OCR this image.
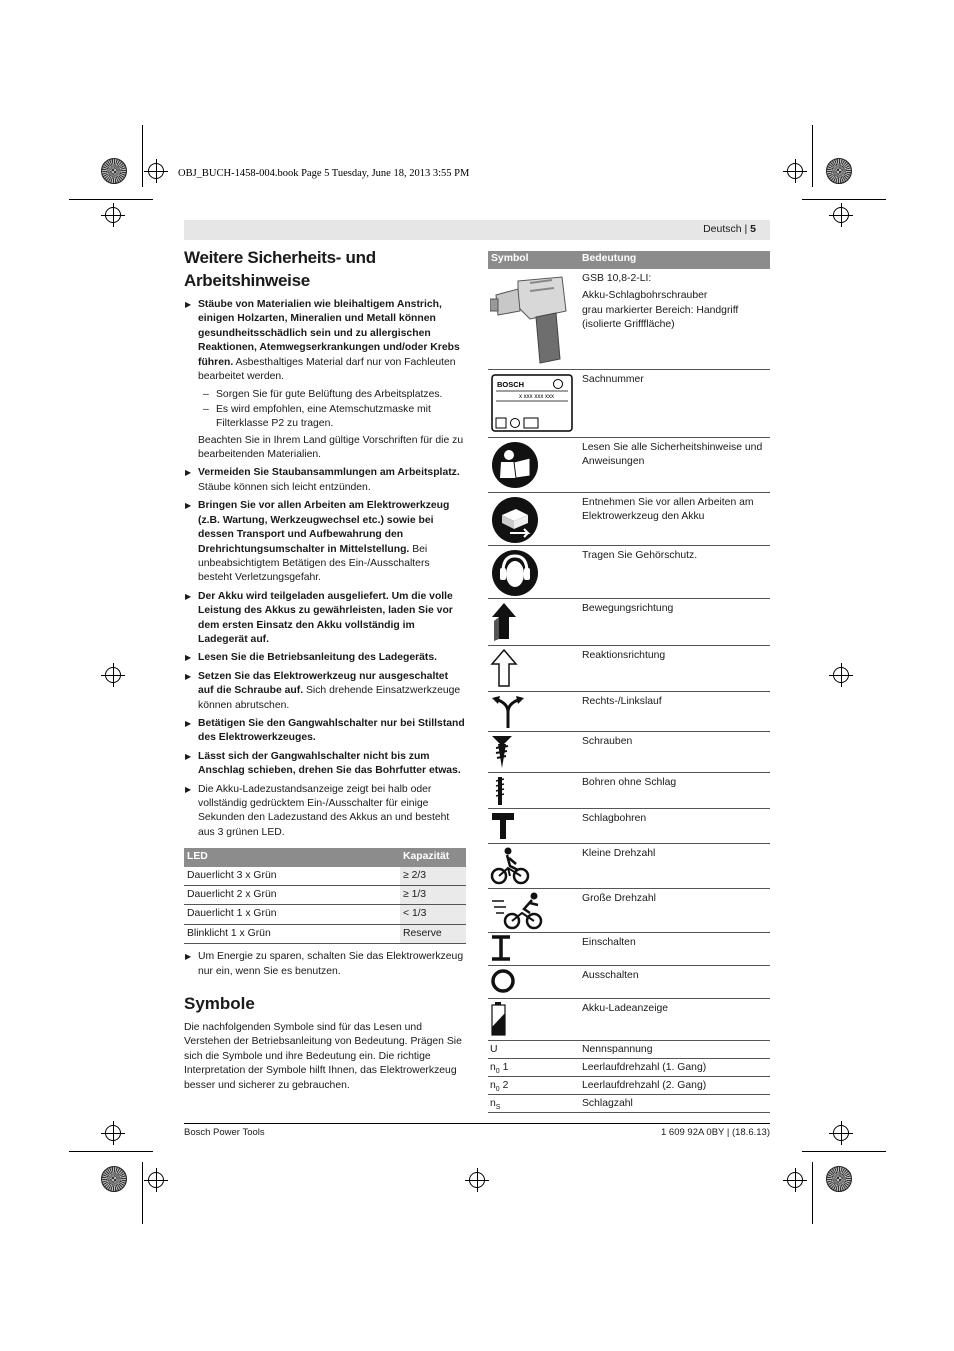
OBJ_BUCH-1458-004.book Page 5 Tuesday, June 18, 2013 3:55 PM
Deutsch | 5
Weitere Sicherheits- und Arbeitshinweise
▶ Stäube von Materialien wie bleihaltigem Anstrich, einigen Holzarten, Mineralien und Metall können gesundheitsschädlich sein und zu allergischen Reaktionen, Atemwegserkrankungen und/oder Krebs führen. Asbesthaltiges Material darf nur von Fachleuten bearbeitet werden.
– Sorgen Sie für gute Belüftung des Arbeitsplatzes.
– Es wird empfohlen, eine Atemschutzmaske mit Filterklasse P2 zu tragen.
Beachten Sie in Ihrem Land gültige Vorschriften für die zu bearbeitenden Materialien.
▶ Vermeiden Sie Staubansammlungen am Arbeitsplatz. Stäube können sich leicht entzünden.
▶ Bringen Sie vor allen Arbeiten am Elektrowerkzeug (z.B. Wartung, Werkzeugwechsel etc.) sowie bei dessen Transport und Aufbewahrung den Drehrichtungsumschalter in Mittelstellung. Bei unbeabsichtigtem Betätigen des Ein-/Ausschalters besteht Verletzungsgefahr.
▶ Der Akku wird teilgeladen ausgeliefert. Um die volle Leistung des Akkus zu gewährleisten, laden Sie vor dem ersten Einsatz den Akku vollständig im Ladegerät auf.
▶ Lesen Sie die Betriebsanleitung des Ladegeräts.
▶ Setzen Sie das Elektrowerkzeug nur ausgeschaltet auf die Schraube auf. Sich drehende Einsatzwerkzeuge können abrutschen.
▶ Betätigen Sie den Gangwahlschalter nur bei Stillstand des Elektrowerkzeuges.
▶ Lässt sich der Gangwahlschalter nicht bis zum Anschlag schieben, drehen Sie das Bohrfutter etwas.
▶ Die Akku-Ladezustandsanzeige zeigt bei halb oder vollständig gedrücktem Ein-/Ausschalter für einige Sekunden den Ladezustand des Akkus an und besteht aus 3 grünen LED.
LED	Kapazität
Dauerlicht 3 x Grün	≥ 2/3
Dauerlicht 2 x Grün	≥ 1/3
Dauerlicht 1 x Grün	< 1/3
Blinklicht 1 x Grün	Reserve
▶ Um Energie zu sparen, schalten Sie das Elektrowerkzeug nur ein, wenn Sie es benutzen.
Symbole
Die nachfolgenden Symbole sind für das Lesen und Verstehen der Betriebsanleitung von Bedeutung. Prägen Sie sich die Symbole und ihre Bedeutung ein. Die richtige Interpretation der Symbole hilft Ihnen, das Elektrowerkzeug besser und sicherer zu gebrauchen.
Symbol	Bedeutung
GSB 10,8-2-LI:
Akku-Schlagbohrschrauber
grau markierter Bereich: Handgriff (isolierte Grifffläche)
BOSCH
x xxx xxx xxx
Sachnummer
Lesen Sie alle Sicherheitshinweise und Anweisungen
Entnehmen Sie vor allen Arbeiten am Elektrowerkzeug den Akku
Tragen Sie Gehörschutz.
Bewegungsrichtung
Reaktionsrichtung
Rechts-/Linkslauf
Schrauben
Bohren ohne Schlag
Schlagbohren
Kleine Drehzahl
Große Drehzahl
Einschalten
Ausschalten
Akku-Ladeanzeige
U	Nennspannung
$n_0$ 1	Leerlaufdrehzahl (1. Gang)
$n_0$ 2	Leerlaufdrehzahl (2. Gang)
$n_S$	Schlagzahl
Bosch Power Tools	1 609 92A 0BY | (18.6.13)
